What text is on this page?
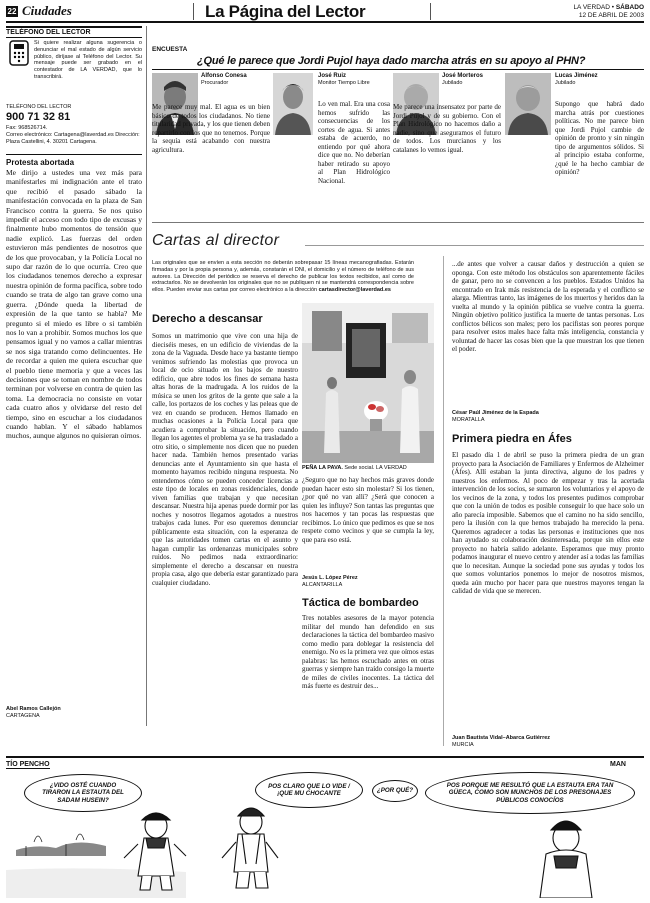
22 Ciudades	La Página del Lector	LA VERDAD • SÁBADO
12 DE ABRIL DE 2003
TELÉFONO DEL LECTOR
Si quiere realizar alguna sugerencia o denunciar el mal estado de algún servicio público, diríjase al Teléfono del Lector. Su mensaje puede ser grabado en el contestador de LA VERDAD, que lo transcribirá.
TELÉFONO DEL LECTOR
900 71 32 81
Fax: 968526714.
Correo electrónico: Cartagena@laverdad.es Dirección: Plaza Castellini, 4. 30201 Cartagena.
Protesta abortada
Me dirijo a ustedes una vez más para manifestarles mi indignación ante el trato que recibió el pasado sábado la manifestación convocada en la plaza de San Francisco contra la guerra. Se nos quiso impedir el acceso con todo tipo de excusas y finalmente hubo momentos de tensión que nadie explicó. Las fuerzas del orden estuvieron más pendientes de nosotros que de los que provocaban, y la Policía Local no supo dar razón de lo que ocurría. Creo que los ciudadanos tenemos derecho a expresar nuestra opinión de forma pacífica, sobre todo cuando se trata de algo tan grave como una guerra. ¿Dónde queda la libertad de expresión de la que tanto se habla? Me pregunto si el miedo es libre o si también nos lo van a prohibir. Somos muchos los que pensamos igual y no vamos a callar mientras se nos siga tratando como delincuentes. He de recordar a quien me quiera escuchar que el pueblo tiene memoria y que a veces las decisiones que se toman en nombre de todos terminan por volverse en contra de quien las toma. La democracia no consiste en votar cada cuatro años y olvidarse del resto del tiempo, sino en escuchar a los ciudadanos cuando hablan. Y el sábado hablamos muchos, aunque algunos no quisieran oírnos.
Abel Ramos Callejón
CARTAGENA
ENCUESTA
¿Qué le parece que Jordi Pujol haya dado marcha atrás en su apoyo al PHN?
Alfonso Conesa
Procurador
Me parece muy mal. El agua es un bien básico de todos los ciudadanos. No tiene titularidad privada, y los que tienen deben repartirlo con los que no tenemos. Porque la sequía está acabando con nuestra agricultura.
José Ruiz
Monitor Tiempo Libre
Lo ven mal. Era una cosa hemos sufrido las consecuencias de los cortes de agua. Si antes estaba de acuerdo, no entiendo por qué ahora dice que no. No deberían haber retirado su apoyo al Plan Hidrológico Nacional.
José Morteros
Jubilado
Me parece una insensatez por parte de Jordi Pujol y de su gobierno. Con el Plan Hidrológico no hacemos daño a nadie, sino que aseguramos el futuro de todos. Los murcianos y los catalanes lo vemos igual.
Lucas Jiménez
Jubilado
Supongo que habrá dado marcha atrás por cuestiones políticas. No me parece bien que Jordi Pujol cambie de opinión de pronto y sin ningún tipo de argumentos sólidos. Si al principio estaba conforme, ¿qué le ha hecho cambiar de opinión?
Cartas al director
Las originales que se envíen a esta sección no deberán sobrepasar 15 líneas mecanografiadas. Estarán firmadas y por la propia persona y, además, constarán el DNI, el domicilio y el número de teléfono de sus autores. La Dirección del periódico se reserva el derecho de publicar los textos recibidos, así como de extractarlos. No se devolverán los originales que no se publiquen ni se mantendrá correspondencia sobre ellos. Pueden enviar sus cartas por correo electrónico a la dirección cartasdirector@laverdad.es
Derecho a descansar
Somos un matrimonio que vive con una hija de dieciséis meses, en un edificio de viviendas de la zona de la Vaguada. Desde hace ya bastante tiempo venimos sufriendo las molestias que provoca un local de ocio situado en los bajos de nuestro edificio, que abre todos los fines de semana hasta altas horas de la madrugada. A los ruidos de la música se unen los gritos de la gente que sale a la calle, los portazos de los coches y las peleas que de vez en cuando se producen. Hemos llamado en muchas ocasiones a la Policía Local para que acudiera a comprobar la situación, pero cuando llegan los agentes el problema ya se ha trasladado a otro sitio, o simplemente nos dicen que no pueden hacer nada. También hemos presentado varias denuncias ante el Ayuntamiento sin que hasta el momento hayamos recibido ninguna respuesta. No entendemos cómo se pueden conceder licencias a este tipo de locales en zonas residenciales, donde viven familias que trabajan y que necesitan descansar. Nuestra hija apenas puede dormir por las noches y nosotros llegamos agotados a nuestros trabajos cada lunes. Por eso queremos denunciar públicamente esta situación, con la esperanza de que las autoridades tomen cartas en el asunto y hagan cumplir las ordenanzas municipales sobre ruidos. No pedimos nada extraordinario: simplemente el derecho a descansar en nuestra propia casa, algo que debería estar garantizado para cualquier ciudadano.
PEÑA LA PAVA. Sede social. LA VERDAD
¿Seguro que no hay hechos más graves donde puedan hacer esto sin molestar? Si los tienen, ¿por qué no van allí? ¿Será que conocen a quien les influye? Son tantas las preguntas que nos hacemos y tan pocas las respuestas que recibimos. Lo único que pedimos es que se nos respete como vecinos y que se cumpla la ley, que para eso está.
Jesús L. López Pérez
ALCANTARILLA
Táctica de bombardeo
Tres notables asesores de la mayor potencia militar del mundo han defendido en sus declaraciones la táctica del bombardeo masivo como medio para doblegar la resistencia del enemigo. No es la primera vez que oímos estas palabras: las hemos escuchado antes en otras guerras y siempre han traído consigo la muerte de miles de civiles inocentes. La táctica del más fuerte es destruir des...
...de antes que volver a causar daños y destrucción a quien se oponga. Con este método los obstáculos son aparentemente fáciles de ganar, pero no se convencen a los pueblos. Estados Unidos ha encontrado en Irak más resistencia de la esperada y el conflicto se alarga. Mientras tanto, las imágenes de los muertos y heridos dan la vuelta al mundo y la opinión pública se vuelve contra la guerra. Ningún objetivo político justifica la muerte de tantas personas. Los conflictos bélicos son males; pero los pacifistas son peores porque para resolver estos males hace falta más inteligencia, constancia y voluntad de hacer las cosas bien que la que muestran los que tienen el poder.
César Paúl Jiménez de la Espada
MORATALLA
Primera piedra en Áfes
El pasado día 1 de abril se puso la primera piedra de un gran proyecto para la Asociación de Familiares y Enfermos de Alzheimer (Áfes). Allí estaban la junta directiva, alguno de los padres y nuestros los enfermos. Al poco de empezar y tras la acertada intervención de los socios, se sumaron los voluntarios y el apoyo de los vecinos de la zona, y todos los presentes pudimos comprobar que con la unión de todos es posible conseguir lo que hace solo un año parecía imposible. Sabemos que el camino no ha sido sencillo, pero la ilusión con la que hemos trabajado ha merecido la pena. Queremos agradecer a todas las personas e instituciones que nos han ayudado su colaboración desinteresada, porque sin ellos este proyecto no habría salido adelante. Esperamos que muy pronto podamos inaugurar el nuevo centro y atender así a todas las familias que lo necesitan. Aunque la sociedad pone sus ayudas y todos los que somos voluntarios ponemos lo mejor de nosotros mismos, queda aún mucho por hacer para que nuestros mayores tengan la calidad de vida que se merecen.
Juan Bautista Vidal–Abarca Gutiérrez
MURCIA
TÍO PENCHO	MAN
¿VIDO OSTÉ CUANDO TIRARON LA ESTAUTA DEL SADAM HUSEIN?
POS CLARO QUE LO VIDE / ¡QUE MU CHOCANTE	¿POR QUÉ?
POS PORQUE ME RESULTÓ QUE LA ESTAUTA ERA TAN GÜECA, COMO SON MUNCHOS DE LOS PRESONAJES PÚBLICOS CONOCÍOS
